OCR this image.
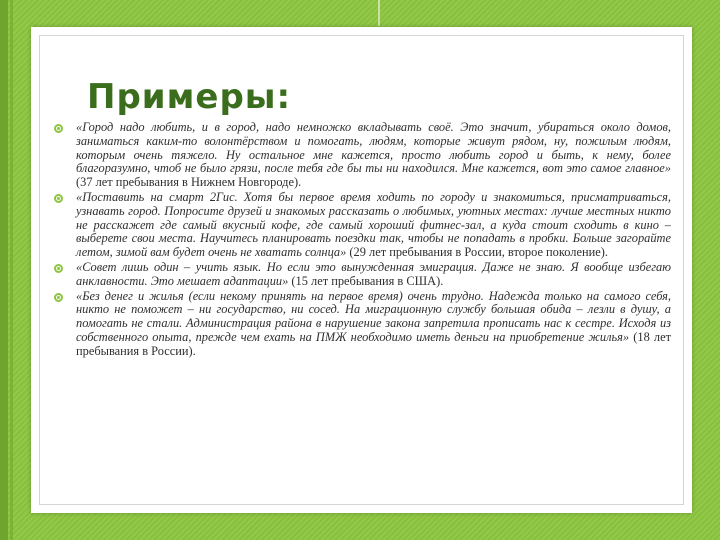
Примеры:

«Город надо любить, и в город, надо немножко вкладывать своё. Это значит, убираться около домов, заниматься каким-то волонтёрством и помогать, людям, которые живут рядом, ну, пожилым людям, которым очень тяжело. Ну остальное мне кажется, просто любить город и быть, к нему, более благоразумно, чтоб не было грязи, после тебя где бы ты ни находился. Мне кажется, вот это самое главное» (37 лет пребывания в Нижнем Новгороде).

«Поставить на смарт 2Гис. Хотя бы первое время ходить по городу и знакомиться, присматриваться, узнавать город. Попросите друзей и знакомых рассказать о любимых, уютных местах: лучше местных никто не расскажет где самый вкусный кофе, где самый хороший фитнес-зал, а куда стоит сходить в кино – выберете свои места. Научитесь планировать поездки так, чтобы не попадать в пробки. Больше загорайте летом, зимой вам будет очень не хватать солнца» (29 лет пребывания в России, второе поколение).

«Совет лишь один – учить язык. Но если это вынужденная эмиграция. Даже не знаю. Я вообще избегаю анклавности. Это мешает адаптации» (15 лет пребывания в США).

«Без денег и жилья (если некому принять на первое время) очень трудно. Надежда только на самого себя, никто не поможет – ни государство, ни сосед. На миграционную службу большая обида – лезли в душу, а помогать не стали. Администрация района в нарушение закона запретила прописать нас к сестре. Исходя из собственного опыта, прежде чем ехать на ПМЖ необходимо иметь деньги на приобретение жилья» (18 лет пребывания в России).
